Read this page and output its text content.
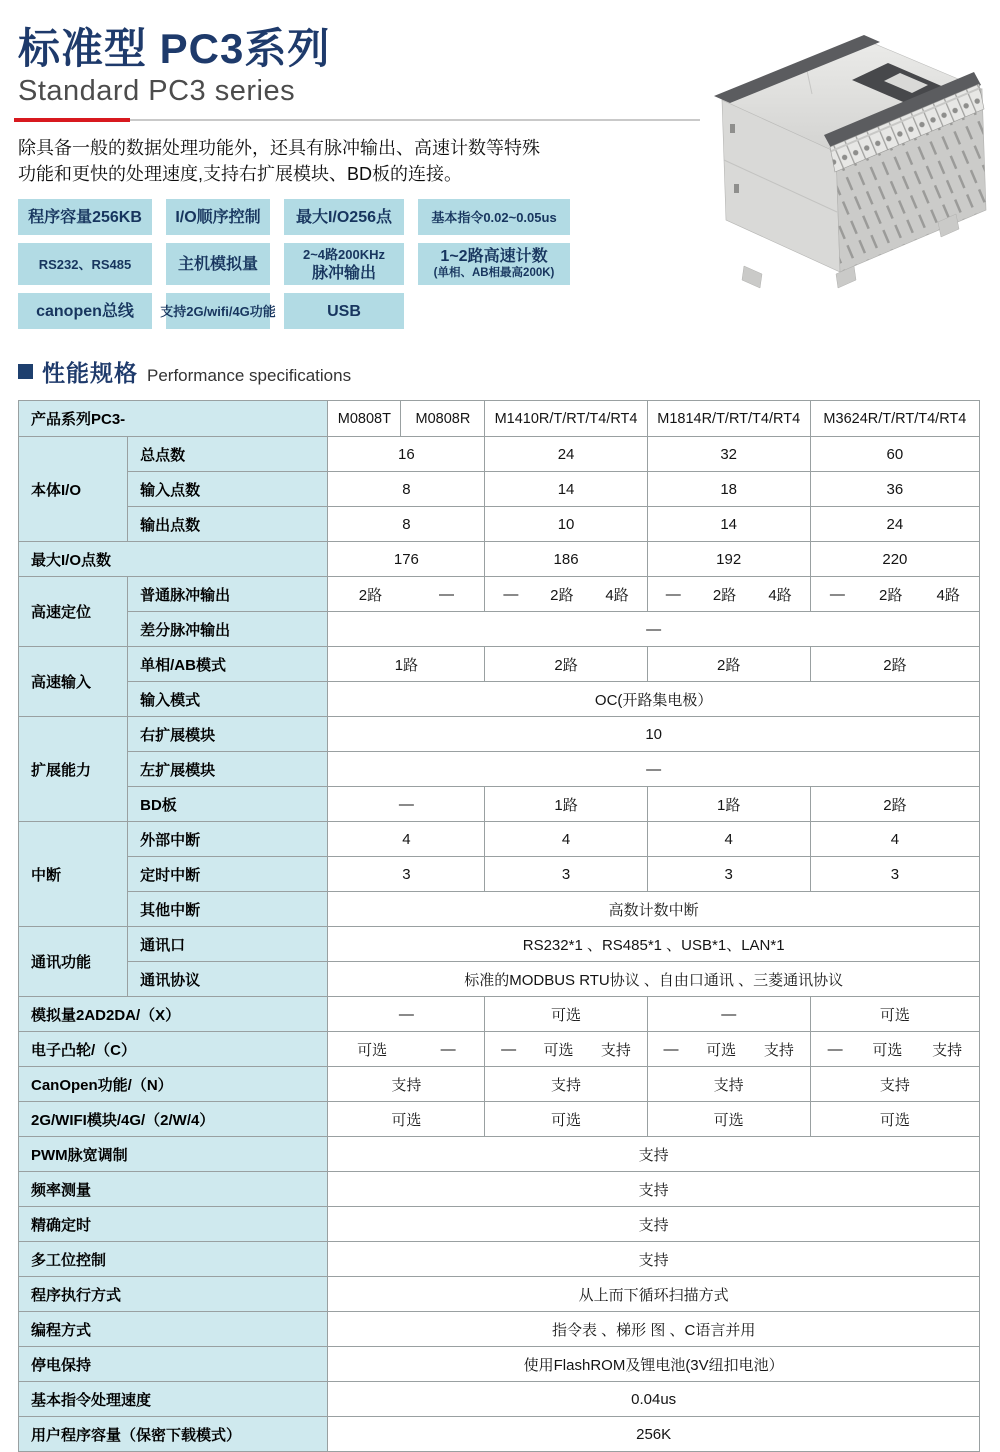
标准型 PC3系列
Standard PC3 series

除具备一般的数据处理功能外，还具有脉冲输出、高速计数等特殊
功能和更快的处理速度,支持右扩展模块、BD板的连接。

程序容量256KB I/O顺序控制 最大I/O256点	基本指令0.02~0.05us
RS232、RS485	主机模拟量
2~4路200KHz
脉冲输出
1~2路高速计数
(单相、AB相最高200K)
canopen总线 支持2G/wifi/4G功能	USB
性能规格 Performance specifications
产品系列PC3-		M0808T	M0808R	M1410R/T/RT/T4/RT4	M1814R/T/RT/T4/RT4	M3624R/T/RT/T4/RT4
本体I/O	总点数	16		24	32	60
	输入点数	8		14	18	36
	输出点数	8		10	14	24
最大I/O点数		176		186	192	220
高速定位	普通脉冲输出	2路 —		— 2路 4路	— 2路 4路	— 2路 4路

	差分脉冲输出	—				
高速输入	单相/AB模式	1路		2路	2路	2路
	输入模式	OC(开路集电极）				
扩展能力	右扩展模块	10				
	左扩展模块	—				
	BD板	—		1路	1路	2路
中断	外部中断	4		4	4	4
	定时中断	3		3	3	3
	其他中断	高数计数中断				
通讯功能	通讯口	RS232*1 、RS485*1 、USB*1、LAN*1				
	通讯协议	标准的MODBUS RTU协议 、自由口通讯 、三菱通讯协议				
模拟量2AD2DA/（X）		—		可选	—	可选
电子凸轮/（C）		可选 —		— 可选 支持	— 可选 支持	— 可选 支持

CanOpen功能/（N）		支持		支持	支持	支持
2G/WIFI模块/4G/（2/W/4）		可选		可选	可选	可选
PWM脉宽调制		支持				
频率测量		支持				
精确定时		支持				
多工位控制		支持				
程序执行方式		从上而下循环扫描方式				
编程方式		指令表 、梯形 图 、C语言并用				
停电保持		使用FlashROM及锂电池(3V纽扣电池）				
基本指令处理速度		0.04us				
用户程序容量（保密下载模式）		256K				
